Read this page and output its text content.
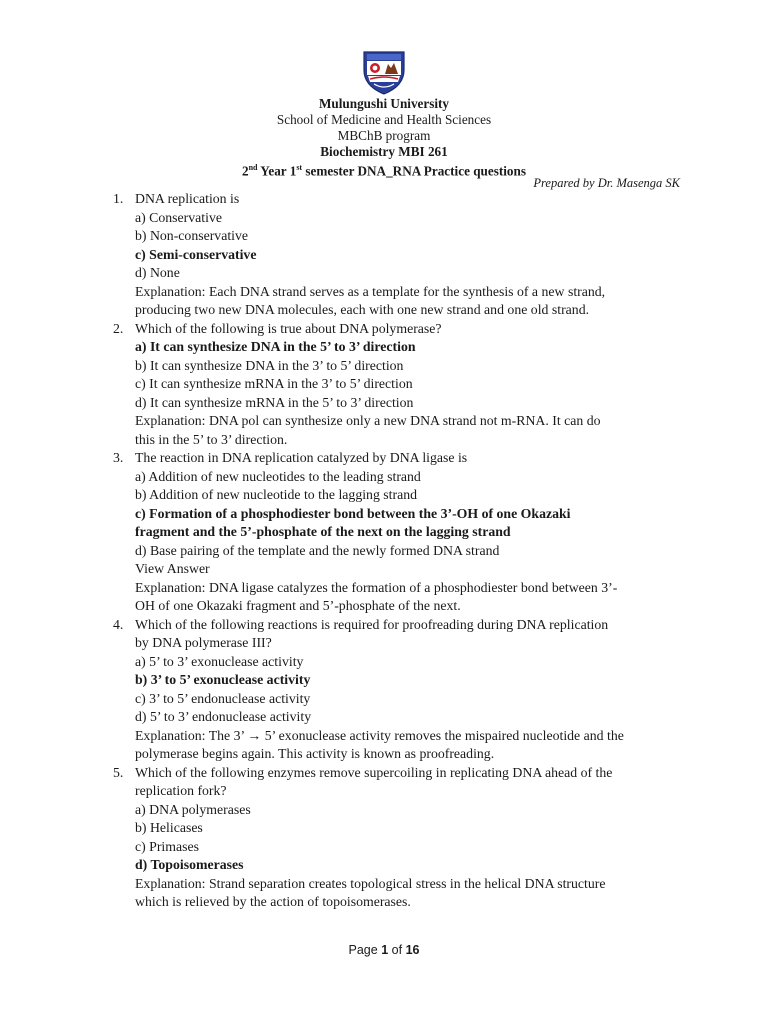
Mulungushi University
School of Medicine and Health Sciences
MBChB program
Biochemistry MBI 261
2nd Year 1st semester DNA_RNA Practice questions
Prepared by Dr. Masenga SK
1. DNA replication is
a) Conservative
b) Non-conservative
c) Semi-conservative
d) None
Explanation: Each DNA strand serves as a template for the synthesis of a new strand,
producing two new DNA molecules, each with one new strand and one old strand.
2. Which of the following is true about DNA polymerase?
a) It can synthesize DNA in the 5’ to 3’ direction
b) It can synthesize DNA in the 3’ to 5’ direction
c) It can synthesize mRNA in the 3’ to 5’ direction
d) It can synthesize mRNA in the 5’ to 3’ direction
Explanation: DNA pol can synthesize only a new DNA strand not m-RNA. It can do
this in the 5’ to 3’ direction.
3. The reaction in DNA replication catalyzed by DNA ligase is
a) Addition of new nucleotides to the leading strand
b) Addition of new nucleotide to the lagging strand
c) Formation of a phosphodiester bond between the 3’-OH of one Okazaki
fragment and the 5’-phosphate of the next on the lagging strand
d) Base pairing of the template and the newly formed DNA strand
View Answer
Explanation: DNA ligase catalyzes the formation of a phosphodiester bond between 3’-
OH of one Okazaki fragment and 5’-phosphate of the next.
4. Which of the following reactions is required for proofreading during DNA replication
by DNA polymerase III?
a) 5’ to 3’ exonuclease activity
b) 3’ to 5’ exonuclease activity
c) 3’ to 5’ endonuclease activity
d) 5’ to 3’ endonuclease activity
Explanation: The 3’ → 5’ exonuclease activity removes the mispaired nucleotide and the
polymerase begins again. This activity is known as proofreading.
5. Which of the following enzymes remove supercoiling in replicating DNA ahead of the
replication fork?
a) DNA polymerases
b) Helicases
c) Primases
d) Topoisomerases
Explanation: Strand separation creates topological stress in the helical DNA structure
which is relieved by the action of topoisomerases.
Page 1 of 16
